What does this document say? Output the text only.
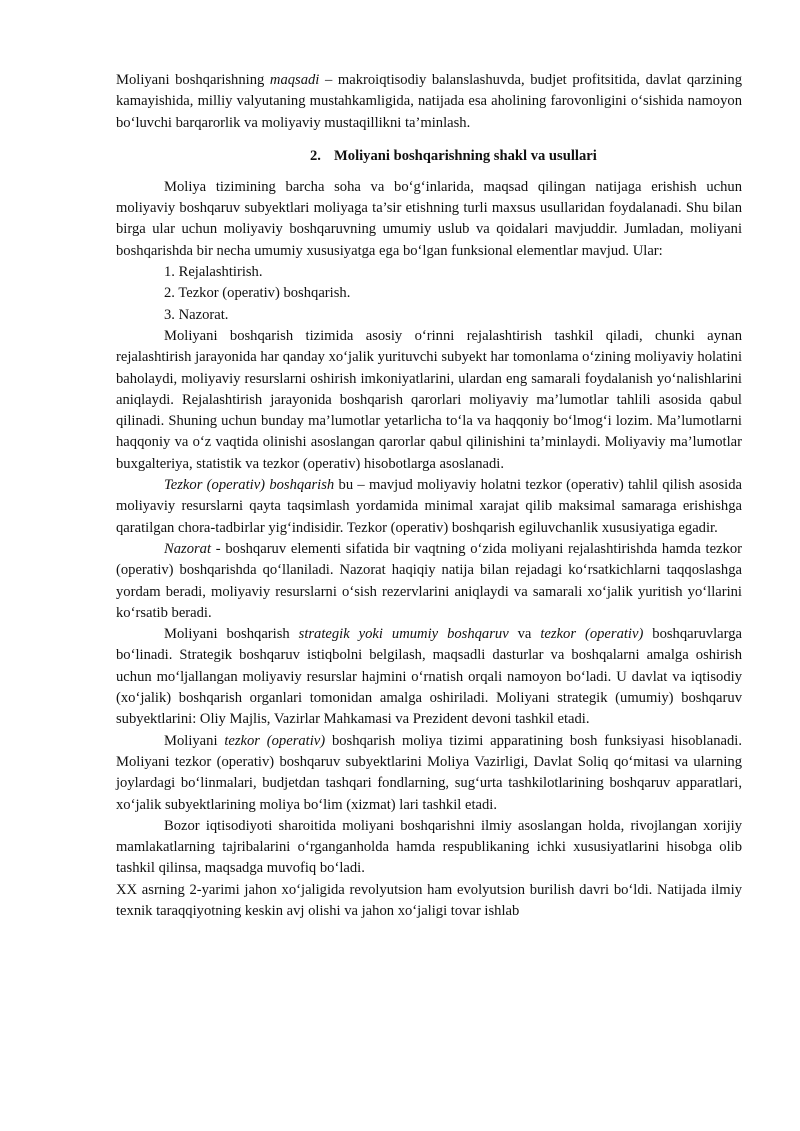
Moliyani boshqarishning maqsadi – makroiqtisodiy balanslashuvda, budjet profitsitida, davlat qarzining kamayishida, milliy valyutaning mustahkamligida, natijada esa aholining farovonligini o‘sishida namoyon bo‘luvchi barqarorlik va moliyaviy mustaqillikni ta’minlash.

2. Moliyani boshqarishning shakl va usullari

Moliya tizimining barcha soha va bo‘g‘inlarida, maqsad qilingan natijaga erishish uchun moliyaviy boshqaruv subyektlari moliyaga ta’sir etishning turli maxsus usullaridan foydalanadi. Shu bilan birga ular uchun moliyaviy boshqaruvning umumiy uslub va qoidalari mavjuddir. Jumladan, moliyani boshqarishda bir necha umumiy xususiyatga ega bo‘lgan funksional elementlar mavjud. Ular:

1. Rejalashtirish.

2. Tezkor (operativ) boshqarish.

3. Nazorat.

Moliyani boshqarish tizimida asosiy o‘rinni rejalashtirish tashkil qiladi, chunki aynan rejalashtirish jarayonida har qanday xo‘jalik yurituvchi subyekt har tomonlama o‘zining moliyaviy holatini baholaydi, moliyaviy resurslarni oshirish imkoniyatlarini, ulardan eng samarali foydalanish yo‘nalishlarini aniqlaydi. Rejalashtirish jarayonida boshqarish qarorlari moliyaviy ma’lumotlar tahlili asosida qabul qilinadi. Shuning uchun bunday ma’lumotlar yetarlicha to‘la va haqqoniy bo‘lmog‘i lozim. Ma’lumotlarni haqqoniy va o‘z vaqtida olinishi asoslangan qarorlar qabul qilinishini ta’minlaydi. Moliyaviy ma’lumotlar buxgalteriya, statistik va tezkor (operativ) hisobotlarga asoslanadi.

Tezkor (operativ) boshqarish bu – mavjud moliyaviy holatni tezkor (operativ) tahlil qilish asosida moliyaviy resurslarni qayta taqsimlash yordamida minimal xarajat qilib maksimal samaraga erishishga qaratilgan chora-tadbirlar yig‘indisidir. Tezkor (operativ) boshqarish egiluvchanlik xususiyatiga egadir.

Nazorat - boshqaruv elementi sifatida bir vaqtning o‘zida moliyani rejalashtirishda hamda tezkor (operativ) boshqarishda qo‘llaniladi. Nazorat haqiqiy natija bilan rejadagi ko‘rsatkichlarni taqqoslashga yordam beradi, moliyaviy resurslarni o‘sish rezervlarini aniqlaydi va samarali xo‘jalik yuritish yo‘llarini ko‘rsatib beradi.

Moliyani boshqarish strategik yoki umumiy boshqaruv va tezkor (operativ) boshqaruvlarga bo‘linadi. Strategik boshqaruv istiqbolni belgilash, maqsadli dasturlar va boshqalarni amalga oshirish uchun mo‘ljallangan moliyaviy resurslar hajmini o‘rnatish orqali namoyon bo‘ladi. U davlat va iqtisodiy (xo‘jalik) boshqarish organlari tomonidan amalga oshiriladi. Moliyani strategik (umumiy) boshqaruv subyektlarini: Oliy Majlis, Vazirlar Mahkamasi va Prezident devoni tashkil etadi.

Moliyani tezkor (operativ) boshqarish moliya tizimi apparatining bosh funksiyasi hisoblanadi. Moliyani tezkor (operativ) boshqaruv subyektlarini Moliya Vazirligi, Davlat Soliq qo‘mitasi va ularning joylardagi bo‘linmalari, budjetdan tashqari fondlarning, sug‘urta tashkilotlarining boshqaruv apparatlari, xo‘jalik subyektlarining moliya bo‘lim (xizmat) lari tashkil etadi.

Bozor iqtisodiyoti sharoitida moliyani boshqarishni ilmiy asoslangan holda, rivojlangan xorijiy mamlakatlarning tajribalarini o‘rganganholda hamda respublikaning ichki xususiyatlarini hisobga olib tashkil qilinsa, maqsadga muvofiq bo‘ladi.

XX asrning 2-yarimi jahon xo‘jaligida revolyutsion ham evolyutsion burilish davri bo‘ldi. Natijada ilmiy texnik taraqqiyotning keskin avj olishi va jahon xo‘jaligi tovar ishlab
